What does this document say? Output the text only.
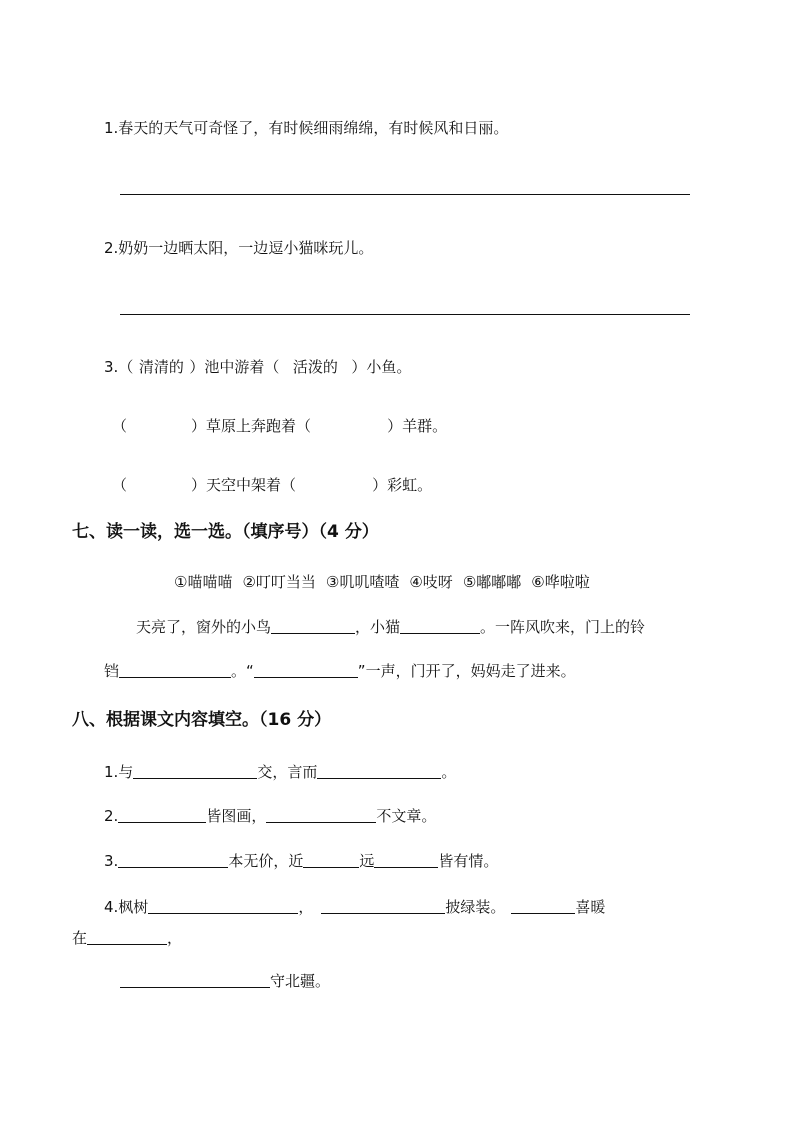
1.春天的天气可奇怪了，有时候细雨绵绵，有时候风和日丽。
2.奶奶一边晒太阳，一边逗小猫咪玩儿。
3.（ 清清的 ）池中游着（ 活泼的 ）小鱼。
（	）草原上奔跑着（	）羊群。
（	）天空中架着（	）彩虹。
七、读一读，选一选。（填序号）（4 分）
①喵喵喵 ②叮叮当当 ③叽叽喳喳 ④吱呀 ⑤嘟嘟嘟 ⑥哗啦啦
天亮了，窗外的小鸟	，小猫	。一阵风吹来，门上的铃
铛	。“	”一声，门开了，妈妈走了进来。
八、根据课文内容填空。（16 分）
1.与	交，言而	。
2.	皆图画，	不文章。
3.	本无价，近	远	皆有情。
4.枫树	，	披绿装。	喜暖
在	，
守北疆。
